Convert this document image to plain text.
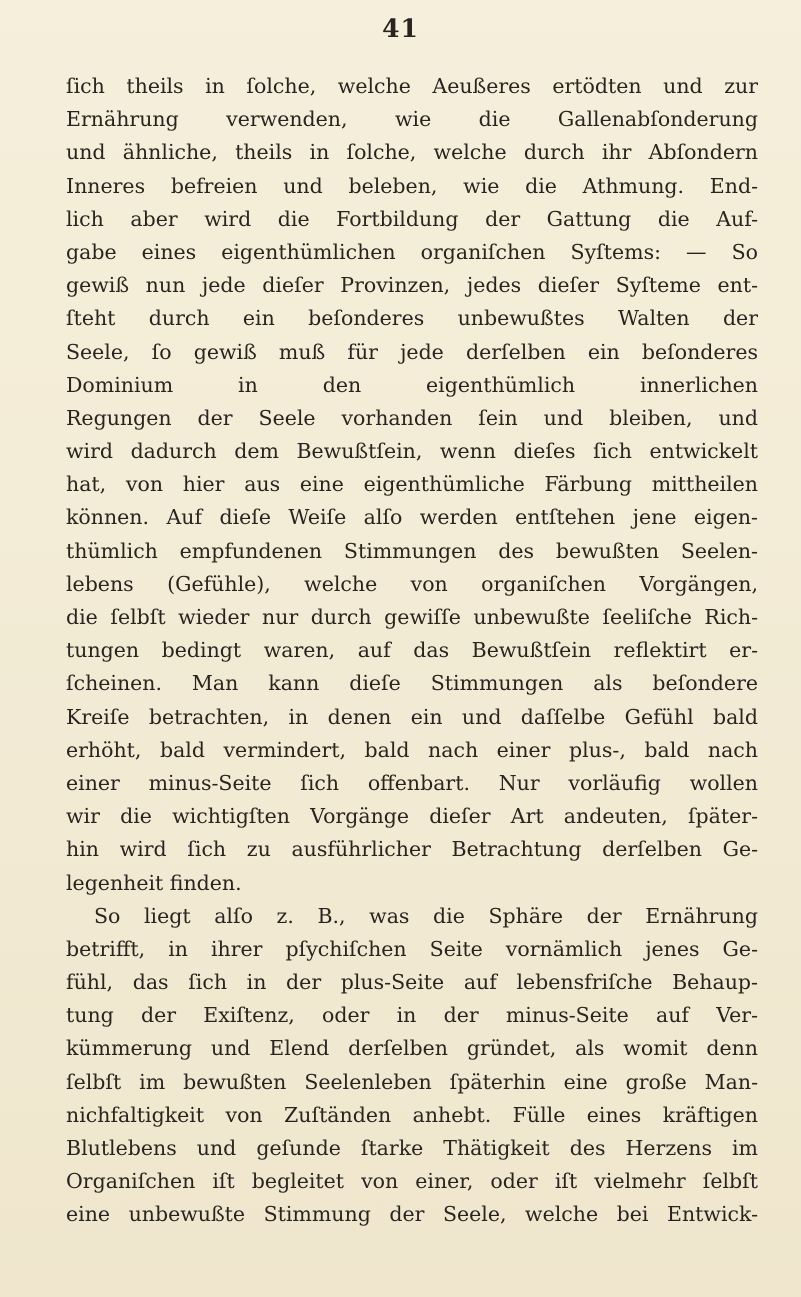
41
ſich theils in ſolche, welche Aeußeres ertödten und zur
Ernährung verwenden, wie die Gallenabſonderung
und ähnliche, theils in ſolche, welche durch ihr Abſondern
Inneres befreien und beleben, wie die Athmung. End-
lich aber wird die Fortbildung der Gattung die Auf-
gabe eines eigenthümlichen organiſchen Syſtems: — So
gewiß nun jede dieſer Provinzen, jedes dieſer Syſteme ent-
ſteht durch ein beſonderes unbewußtes Walten der
Seele, ſo gewiß muß für jede derſelben ein beſonderes
Dominium in den eigenthümlich innerlichen
Regungen der Seele vorhanden ſein und bleiben, und
wird dadurch dem Bewußtſein, wenn dieſes ſich entwickelt
hat, von hier aus eine eigenthümliche Färbung mittheilen
können. Auf dieſe Weiſe alſo werden entſtehen jene eigen-
thümlich empfundenen Stimmungen des bewußten Seelen-
lebens (Gefühle), welche von organiſchen Vorgängen,
die ſelbſt wieder nur durch gewiſſe unbewußte ſeeliſche Rich-
tungen bedingt waren, auf das Bewußtſein reflektirt er-
ſcheinen. Man kann dieſe Stimmungen als beſondere
Kreiſe betrachten, in denen ein und daſſelbe Gefühl bald
erhöht, bald vermindert, bald nach einer plus-, bald nach
einer minus-Seite ſich offenbart. Nur vorläufig wollen
wir die wichtigſten Vorgänge dieſer Art andeuten, ſpäter-
hin wird ſich zu ausführlicher Betrachtung derſelben Ge-
legenheit finden.
So liegt alſo z. B., was die Sphäre der Ernährung
betrifft, in ihrer pſychiſchen Seite vornämlich jenes Ge-
fühl, das ſich in der plus-Seite auf lebensfriſche Behaup-
tung der Exiſtenz, oder in der minus-Seite auf Ver-
kümmerung und Elend derſelben gründet, als womit denn
ſelbſt im bewußten Seelenleben ſpäterhin eine große Man-
nichfaltigkeit von Zuſtänden anhebt. Fülle eines kräftigen
Blutlebens und geſunde ſtarke Thätigkeit des Herzens im
Organiſchen iſt begleitet von einer, oder iſt vielmehr ſelbſt
eine unbewußte Stimmung der Seele, welche bei Entwick-
